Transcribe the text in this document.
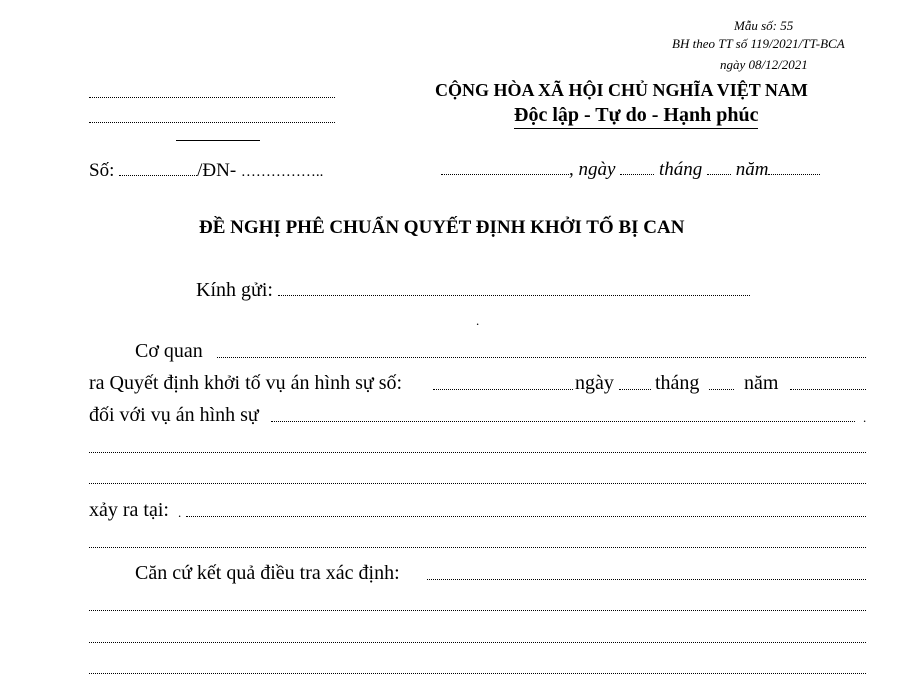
Mẫu số: 55
BH theo TT số 119/2021/TT-BCA
ngày 08/12/2021
CỘNG HÒA XÃ HỘI CHỦ NGHĨA VIỆT NAM
Độc lập - Tự do - Hạnh phúc
Số:	/ĐN- ……………..	, ngày tháng năm
ĐỀ NGHỊ PHÊ CHUẨN QUYẾT ĐỊNH KHỞI TỐ BỊ CAN
Kính gửi:
.
Cơ quan
ra Quyết định khởi tố vụ án hình sự số:	ngày tháng năm
đối với vụ án hình sự	.
xảy ra tại: .
Căn cứ kết quả điều tra xác định:
